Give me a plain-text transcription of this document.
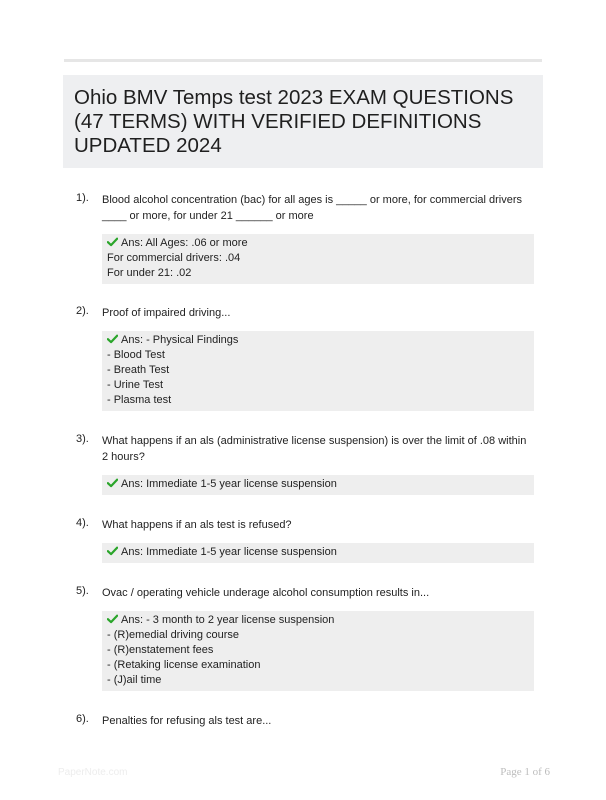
Ohio BMV Temps test 2023 EXAM QUESTIONS (47 TERMS) WITH VERIFIED DEFINITIONS UPDATED 2024
1). Blood alcohol concentration (bac) for all ages is _____ or more, for commercial drivers ____ or more, for under 21 ______ or more
Ans: All Ages: .06 or more
For commercial drivers: .04
For under 21: .02
2). Proof of impaired driving...
Ans: - Physical Findings
- Blood Test
- Breath Test
- Urine Test
- Plasma test
3). What happens if an als (administrative license suspension) is over the limit of .08 within 2 hours?
Ans: Immediate 1-5 year license suspension
4). What happens if an als test is refused?
Ans: Immediate 1-5 year license suspension
5). Ovac / operating vehicle underage alcohol consumption results in...
Ans: - 3 month to 2 year license suspension
- (R)emedial driving course
- (R)enstatement fees
- (Retaking license examination
- (J)ail time
6). Penalties for refusing als test are...
PaperNote.com	Page 1 of 6
